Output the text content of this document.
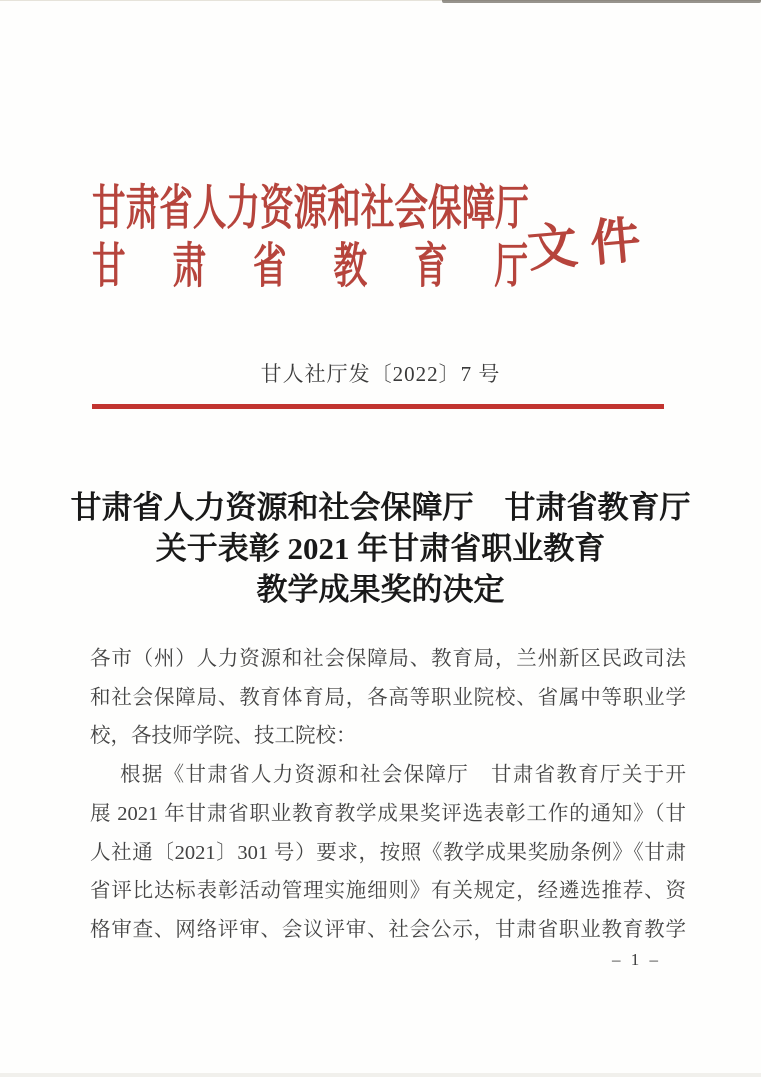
甘肃省人力资源和社会保障厅
甘肃省教育厅
文件
甘人社厅发〔2022〕7 号
甘肃省人力资源和社会保障厅　甘肃省教育厅
关于表彰 2021 年甘肃省职业教育
教学成果奖的决定
各市（州）人力资源和社会保障局、教育局，兰州新区民政司法
和社会保障局、教育体育局，各高等职业院校、省属中等职业学
校，各技师学院、技工院校：
根据《甘肃省人力资源和社会保障厅　甘肃省教育厅关于开
展 2021 年甘肃省职业教育教学成果奖评选表彰工作的通知》（甘
人社通〔2021〕301 号）要求，按照《教学成果奖励条例》《甘肃
省评比达标表彰活动管理实施细则》有关规定，经遴选推荐、资
格审查、网络评审、会议评审、社会公示，甘肃省职业教育教学
– 1 –
